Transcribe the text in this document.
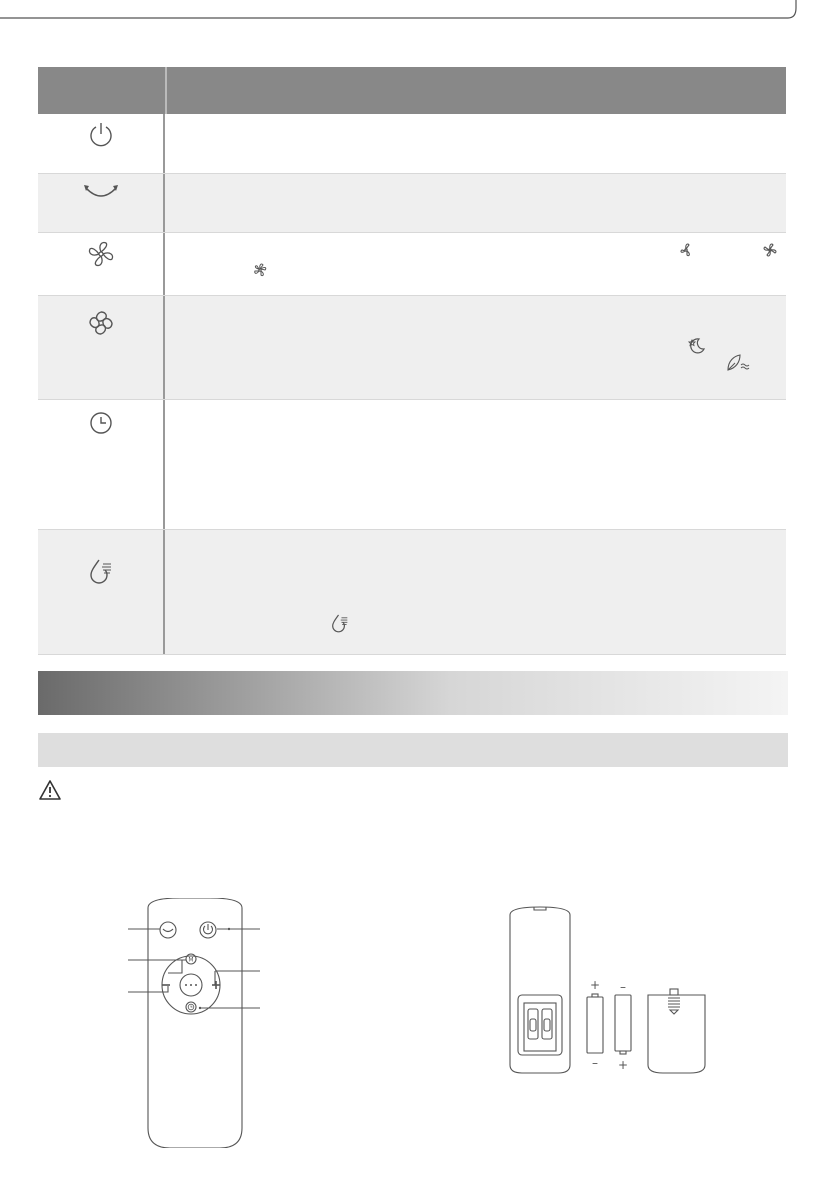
M
+ –
– +
